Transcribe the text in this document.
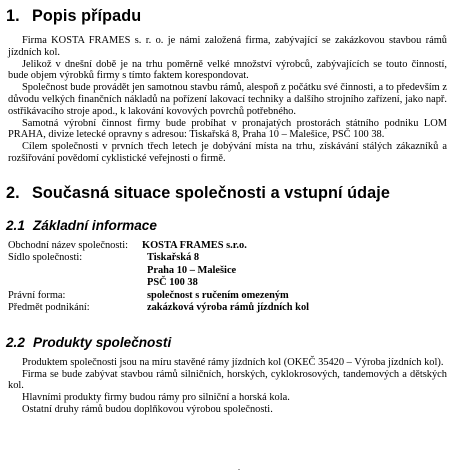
1. Popis případu

Firma KOSTA FRAMES s. r. o. je námi založená firma, zabývající se zakázkovou stavbou rámů jízdních kol.

Jelikož v dnešní době je na trhu poměrně velké množství výrobců, zabývajících se touto činností, bude objem výrobků firmy s tímto faktem korespondovat.

Společnost bude provádět jen samotnou stavbu rámů, alespoň z počátku své činnosti, a to především z důvodu velkých finančních nákladů na pořízení lakovací techniky a dalšího strojního zařízení, jako např. ostřikávacího stroje apod., k lakování kovových povrchů potřebného.

Samotná výrobní činnost firmy bude probíhat v pronajatých prostorách státního podniku LOM PRAHA, divize letecké opravny s adresou: Tiskařská 8, Praha 10 – Malešice, PSČ 100 38.

Cílem společnosti v prvních třech letech je dobývání místa na trhu, získávání stálých zákazníků a rozšiřování povědomí cyklistické veřejnosti o firmě.

2. Současná situace společnosti a vstupní údaje
2.1 Základní informace
Obchodní název společnosti:	KOSTA FRAMES s.r.o.
Sídlo společnosti:	Tiskařská 8
	Praha 10 – Malešice
	PSČ 100 38
Právní forma:	společnost s ručením omezeným
Předmět podnikání:	zakázková výroba rámů jízdních kol
2.2 Produkty společnosti

Produktem společnosti jsou na míru stavěné rámy jízdních kol (OKEČ 35420 – Výroba jízdních kol).

Firma se bude zabývat stavbou rámů silničních, horských, cyklokrosových, tandemových a dětských kol.

Hlavními produkty firmy budou rámy pro silniční a horská kola.

Ostatní druhy rámů budou doplňkovou výrobou společnosti.

.
